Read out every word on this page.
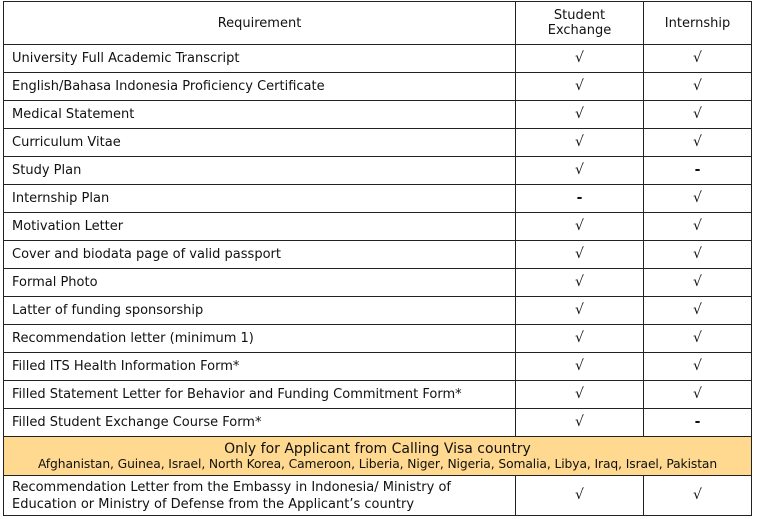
Requirement	Student Exchange	Internship
University Full Academic Transcript	√	√
English/Bahasa Indonesia Proficiency Certificate	√	√
Medical Statement	√	√
Curriculum Vitae	√	√
Study Plan	√	-
Internship Plan	-	√
Motivation Letter	√	√
Cover and biodata page of valid passport	√	√
Formal Photo	√	√
Latter of funding sponsorship	√	√
Recommendation letter (minimum 1)	√	√
Filled ITS Health Information Form*	√	√
Filled Statement Letter for Behavior and Funding Commitment Form*	√	√
Filled Student Exchange Course Form*	√	-

Only for Applicant from Calling Visa country
Afghanistan, Guinea, Israel, North Korea, Cameroon, Liberia, Niger, Nigeria, Somalia, Libya, Iraq, Israel, Pakistan		

Recommendation Letter from the Embassy in Indonesia/ Ministry of
Education or Ministry of Defense from the Applicant’s country	√	√
